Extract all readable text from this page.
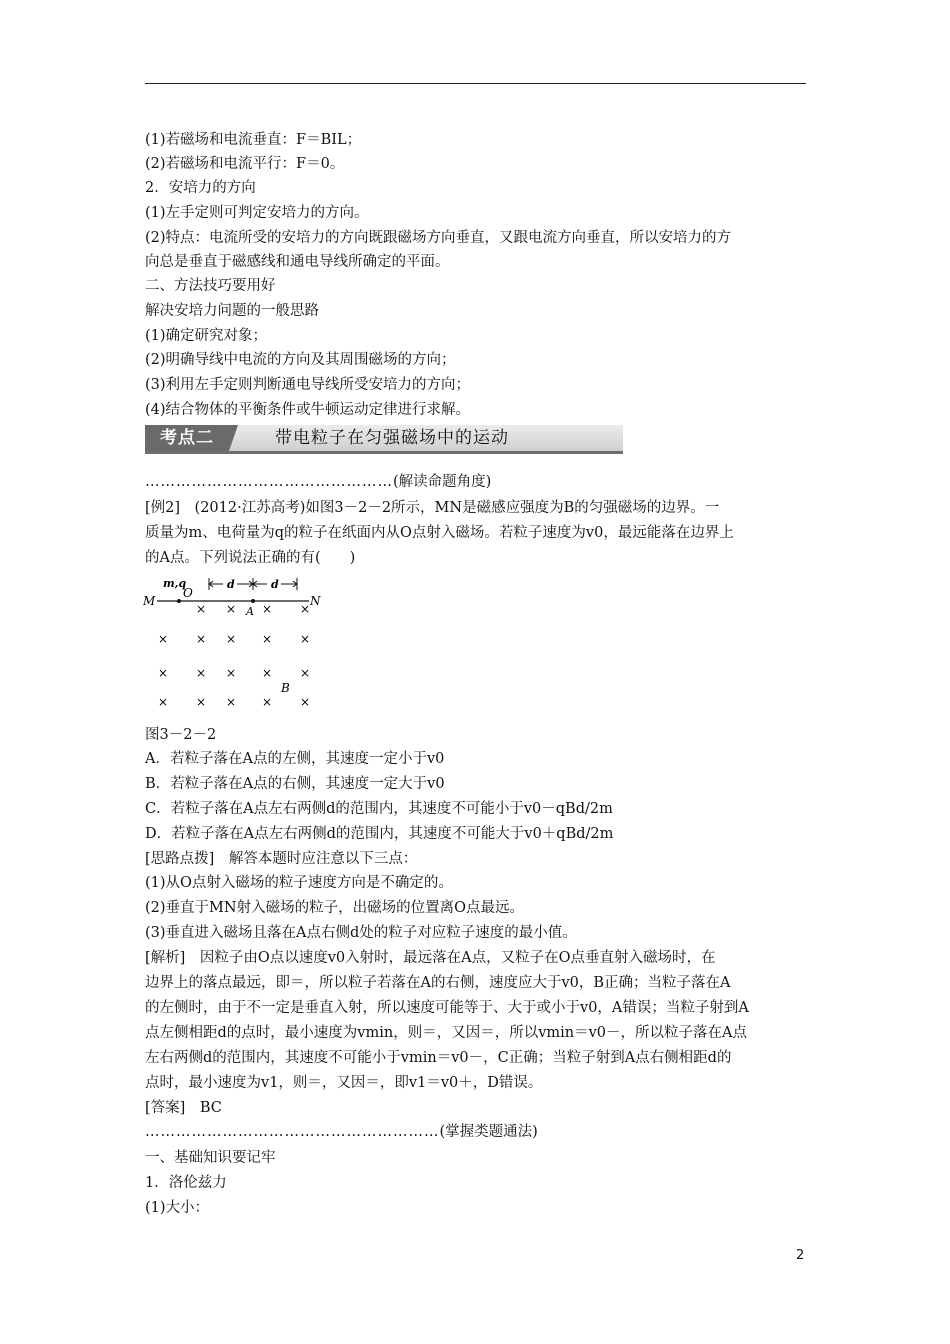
(1)若磁场和电流垂直：F＝BIL；
(2)若磁场和电流平行：F＝0。
2．安培力的方向
(1)左手定则可判定安培力的方向。
(2)特点：电流所受的安培力的方向既跟磁场方向垂直，又跟电流方向垂直，所以安培力的方
向总是垂直于磁感线和通电导线所确定的平面。
二、方法技巧要用好
解决安培力问题的一般思路
(1)确定研究对象；
(2)明确导线中电流的方向及其周围磁场的方向；
(3)利用左手定则判断通电导线所受安培力的方向；
(4)结合物体的平衡条件或牛顿运动定律进行求解。
考点二	带电粒子在匀强磁场中的运动
…………………………………………(解读命题角度)
[例2]　(2012·江苏高考)如图3－2－2所示，MN是磁感应强度为B的匀强磁场的边界。一
质量为m、电荷量为q的粒子在纸面内从O点射入磁场。若粒子速度为v0，最远能落在边界上
的A点。下列说法正确的有(　　)
m,q
M
O
A
N
B
d	d
× × × ×
× × × × ×
× × × × ×
× × × × ×
图3－2－2
A．若粒子落在A点的左侧，其速度一定小于v0
B．若粒子落在A点的右侧，其速度一定大于v0
C．若粒子落在A点左右两侧d的范围内，其速度不可能小于v0－qBd/2m
D．若粒子落在A点左右两侧d的范围内，其速度不可能大于v0＋qBd/2m
[思路点拨]　解答本题时应注意以下三点：
(1)从O点射入磁场的粒子速度方向是不确定的。
(2)垂直于MN射入磁场的粒子，出磁场的位置离O点最远。
(3)垂直进入磁场且落在A点右侧d处的粒子对应粒子速度的最小值。
[解析]　因粒子由O点以速度v0入射时，最远落在A点，又粒子在O点垂直射入磁场时，在
边界上的落点最远，即＝，所以粒子若落在A的右侧，速度应大于v0，B正确；当粒子落在A
的左侧时，由于不一定是垂直入射，所以速度可能等于、大于或小于v0，A错误；当粒子射到A
点左侧相距d的点时，最小速度为vmin，则＝，又因＝，所以vmin＝v0－，所以粒子落在A点
左右两侧d的范围内，其速度不可能小于vmin＝v0－，C正确；当粒子射到A点右侧相距d的
点时，最小速度为v1，则＝，又因＝，即v1＝v0＋，D错误。
[答案]　BC
…………………………………………………(掌握类题通法)
一、基础知识要记牢
1．洛伦兹力
(1)大小：
2
